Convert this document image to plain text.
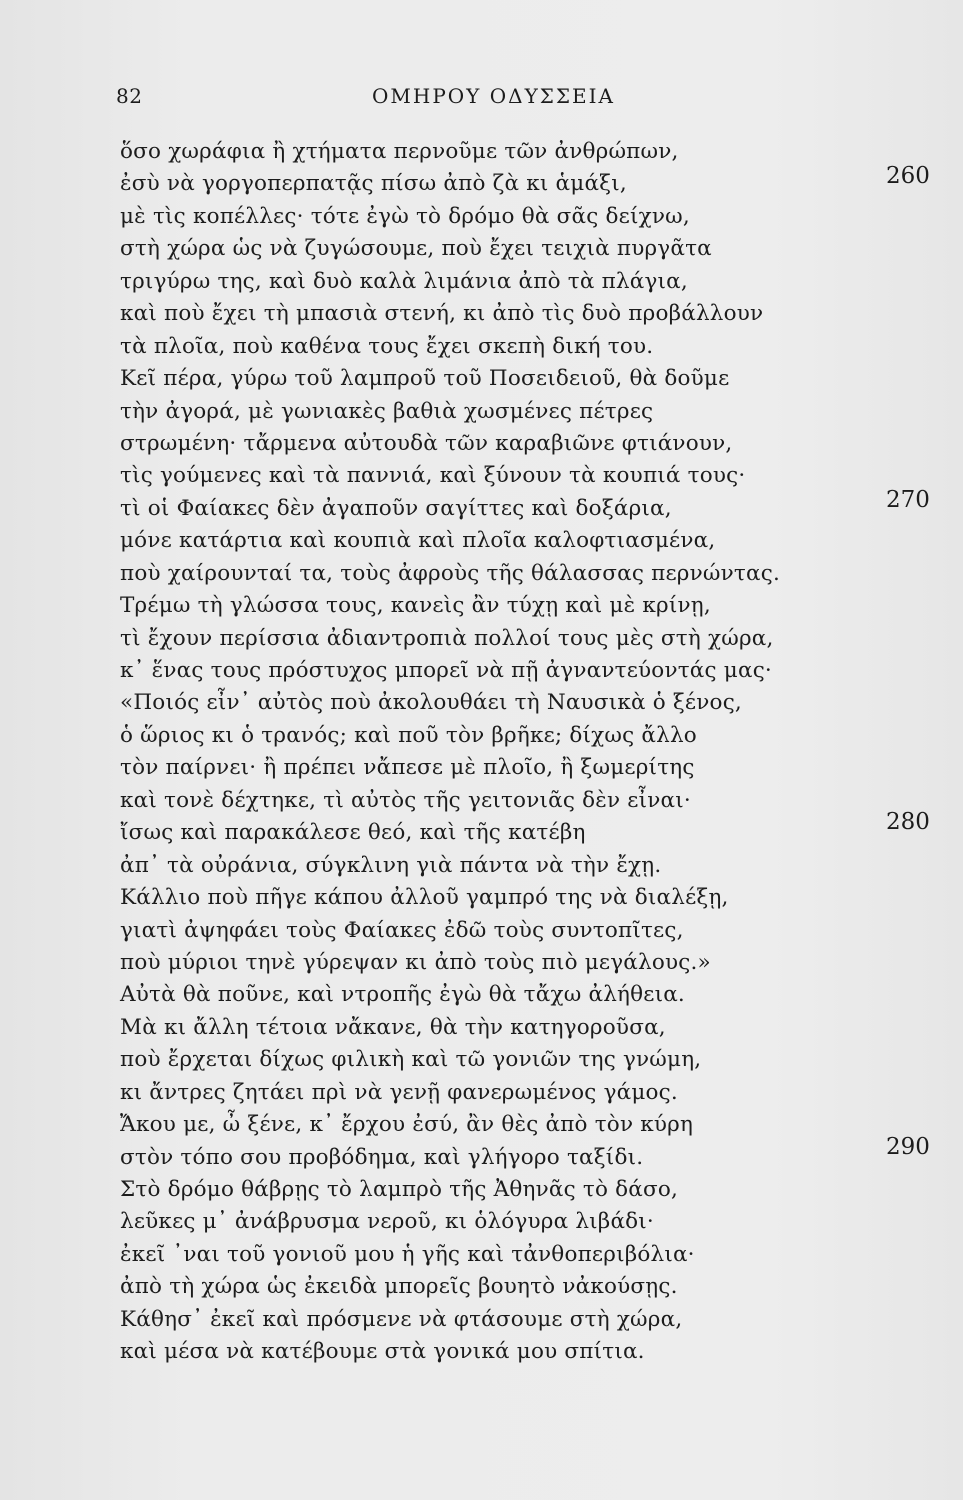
82	ΟΜΗΡΟΥ ΟΔΥΣΣΕΙΑ
ὅσο χωράφια ἢ χτήματα περνοῦμε τῶν ἀνθρώπων,
ἐσὺ νὰ γοργοπερπατᾷς πίσω ἀπὸ ζὰ κι ἁμάξι,
μὲ τὶς κοπέλλες· τότε ἐγὼ τὸ δρόμο θὰ σᾶς δείχνω,
στὴ χώρα ὡς νὰ ζυγώσουμε, ποὺ ἔχει τειχιὰ πυργᾶτα
τριγύρω της, καὶ δυὸ καλὰ λιμάνια ἀπὸ τὰ πλάγια,
καὶ ποὺ ἔχει τὴ μπασιὰ στενή, κι ἀπὸ τὶς δυὸ προβάλλουν
τὰ πλοῖα, ποὺ καθένα τους ἔχει σκεπὴ δική του.
Κεῖ πέρα, γύρω τοῦ λαμπροῦ τοῦ Ποσειδειοῦ, θὰ δοῦμε
τὴν ἀγορά, μὲ γωνιακὲς βαθιὰ χωσμένες πέτρες
στρωμένη· τἄρμενα αὐτουδὰ τῶν καραβιῶνε φτιάνουν,
τὶς γούμενες καὶ τὰ παννιά, καὶ ξύνουν τὰ κουπιά τους·
τὶ οἱ Φαίακες δὲν ἀγαποῦν σαγίττες καὶ δοξάρια,
μόνε κατάρτια καὶ κουπιὰ καὶ πλοῖα καλοφτιασμένα,
ποὺ χαίρουνταί τα, τοὺς ἀφροὺς τῆς θάλασσας περνώντας.
Τρέμω τὴ γλώσσα τους, κανεὶς ἂν τύχῃ καὶ μὲ κρίνῃ,
τὶ ἔχουν περίσσια ἀδιαντροπιὰ πολλοί τους μὲς στὴ χώρα,
κ᾽ ἕνας τους πρόστυχος μπορεῖ νὰ πῇ ἀγναντεύοντάς μας·
«Ποιός εἶν᾽ αὐτὸς ποὺ ἀκολουθάει τὴ Ναυσικὰ ὁ ξένος,
ὁ ὥριος κι ὁ τρανός; καὶ ποῦ τὸν βρῆκε; δίχως ἄλλο
τὸν παίρνει· ἢ πρέπει νἄπεσε μὲ πλοῖο, ἢ ξωμερίτης
καὶ τονὲ δέχτηκε, τὶ αὐτὸς τῆς γειτονιᾶς δὲν εἶναι·
ἴσως καὶ παρακάλεσε θεό, καὶ τῆς κατέβη
ἀπ᾽ τὰ οὐράνια, σύγκλινη γιὰ πάντα νὰ τὴν ἔχῃ.
Κάλλιο ποὺ πῆγε κάπου ἀλλοῦ γαμπρό της νὰ διαλέξῃ,
γιατὶ ἀψηφάει τοὺς Φαίακες ἐδῶ τοὺς συντοπῖτες,
ποὺ μύριοι τηνὲ γύρεψαν κι ἀπὸ τοὺς πιὸ μεγάλους.»
Αὐτὰ θὰ ποῦνε, καὶ ντροπῆς ἐγὼ θὰ τἄχω ἀλήθεια.
Μὰ κι ἄλλη τέτοια νἄκανε, θὰ τὴν κατηγοροῦσα,
ποὺ ἔρχεται δίχως φιλικὴ καὶ τῶ γονιῶν της γνώμη,
κι ἄντρες ζητάει πρὶ νὰ γενῇ φανερωμένος γάμος.
Ἄκου με, ὦ ξένε, κ᾽ ἔρχου ἐσύ, ἂν θὲς ἀπὸ τὸν κύρη
στὸν τόπο σου προβόδημα, καὶ γλήγορο ταξίδι.
Στὸ δρόμο θάβρῃς τὸ λαμπρὸ τῆς Ἀθηνᾶς τὸ δάσο,
λεῦκες μ᾽ ἀνάβρυσμα νεροῦ, κι ὁλόγυρα λιβάδι·
ἐκεῖ ᾽ναι τοῦ γονιοῦ μου ἡ γῆς καὶ τἀνθοπεριβόλια·
ἀπὸ τὴ χώρα ὡς ἐκειδὰ μπορεῖς βουητὸ νἀκούσῃς.
Κάθησ᾽ ἐκεῖ καὶ πρόσμενε νὰ φτάσουμε στὴ χώρα,
καὶ μέσα νὰ κατέβουμε στὰ γονικά μου σπίτια.
260
270
280
290
